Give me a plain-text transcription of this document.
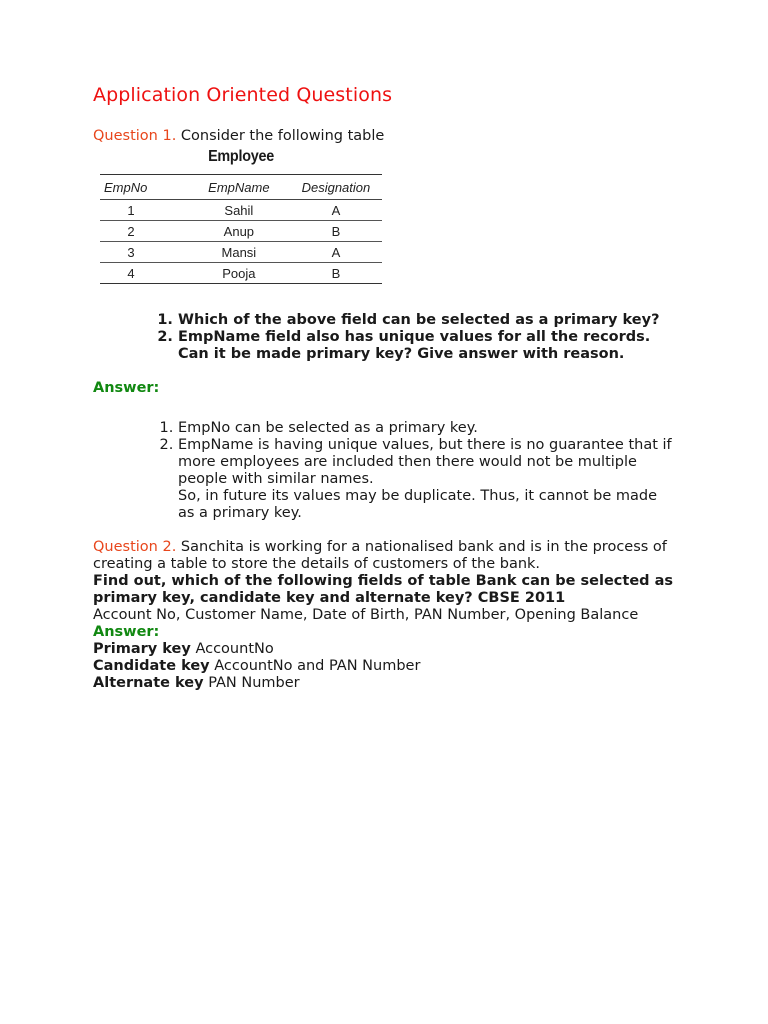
Application Oriented Questions

Question 1. Consider the following table

Employee
EmpNo	EmpName	Designation
1	Sahil	A
2	Anup	B
3	Mansi	A
4	Pooja	B
1. Which of the above field can be selected as a primary key?
2. EmpName field also has unique values for all the records. Can it be made primary key? Give answer with reason.

Answer:

1. EmpNo can be selected as a primary key.
2. EmpName is having unique values, but there is no guarantee that if more employees are included then there would not be multiple people with similar names.
So, in future its values may be duplicate. Thus, it cannot be made as a primary key.

Question 2. Sanchita is working for a nationalised bank and is in the process of creating a table to store the details of customers of the bank.
Find out, which of the following fields of table Bank can be selected as primary key, candidate key and alternate key? CBSE 2011
Account No, Customer Name, Date of Birth, PAN Number, Opening Balance

Answer:

Primary key AccountNo

Candidate key AccountNo and PAN Number

Alternate key PAN Number
